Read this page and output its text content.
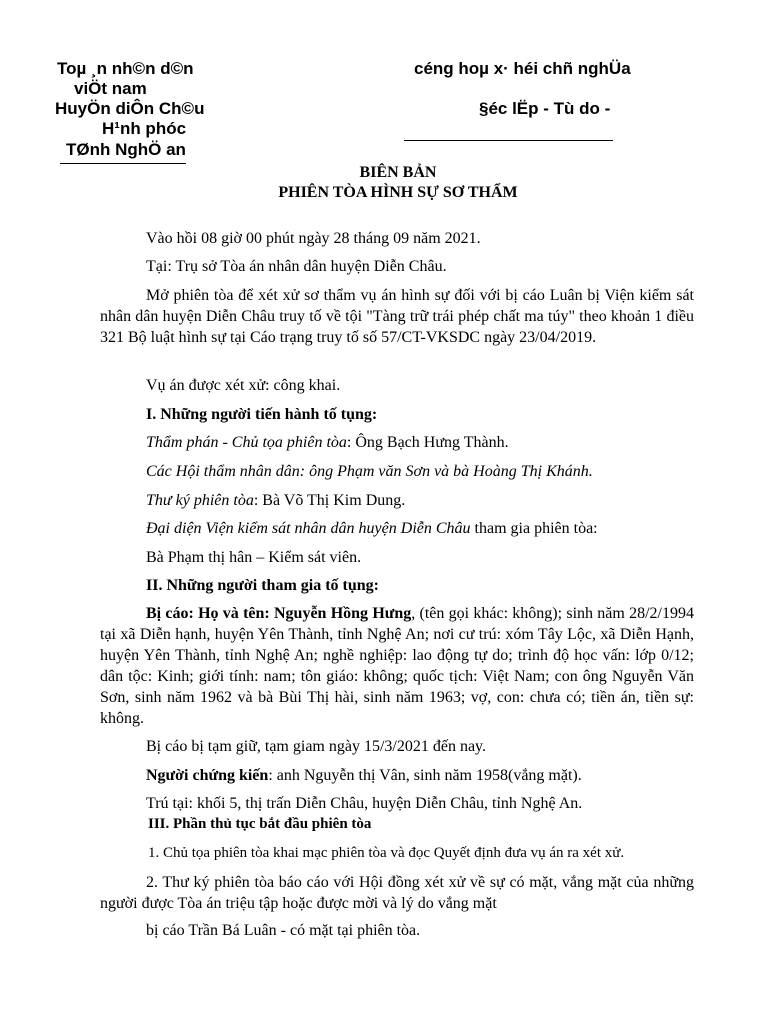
Toµ ¸n nh©n d©n	céng hoµ x· héi chñ nghÜa
viÖt nam
HuyÖn diÔn Ch©u	§éc lËp - Tù do -
H¹nh phóc
TØnh NghÖ an
BIÊN BẢN
PHIÊN TÒA HÌNH SỰ SƠ THẨM

Vào hồi 08 giờ 00 phút ngày 28 tháng 09 năm 2021.

Tại: Trụ sở Tòa án nhân dân huyện Diễn Châu.

Mở phiên tòa để xét xử sơ thẩm vụ án hình sự đối với bị cáo Luân bị Viện kiểm sát nhân dân huyện Diễn Châu truy tố về tội "Tàng trữ trái phép chất ma túy" theo khoản 1 điều 321 Bộ luật hình sự tại Cáo trạng truy tố số 57/CT-VKSDC ngày 23/04/2019.

Vụ án được xét xử: công khai.

I. Những người tiến hành tố tụng:

Thẩm phán - Chủ tọa phiên tòa: Ông Bạch Hưng Thành.

Các Hội thẩm nhân dân: ông Phạm văn Sơn và bà Hoàng Thị Khánh.

Thư ký phiên tòa: Bà Võ Thị Kim Dung.

Đại diện Viện kiểm sát nhân dân huyện Diễn Châu tham gia phiên tòa:

Bà Phạm thị hân – Kiểm sát viên.

II. Những người tham gia tố tụng:

Bị cáo: Họ và tên: Nguyễn Hồng Hưng, (tên gọi khác: không); sinh năm 28/2/1994 tại xã Diễn hạnh, huyện Yên Thành, tỉnh Nghệ An; nơi cư trú: xóm Tây Lộc, xã Diễn Hạnh, huyện Yên Thành, tỉnh Nghệ An; nghề nghiệp: lao động tự do; trình độ học vấn: lớp 0/12; dân tộc: Kinh; giới tính: nam; tôn giáo: không; quốc tịch: Việt Nam; con ông Nguyễn Văn Sơn, sinh năm 1962 và bà Bùi Thị hài, sinh năm 1963; vợ, con: chưa có; tiền án, tiền sự: không.

Bị cáo bị tạm giữ, tạm giam ngày 15/3/2021 đến nay.

Người chứng kiến: anh Nguyễn thị Vân, sinh năm 1958(vắng mặt).

Trú tại: khối 5, thị trấn Diễn Châu, huyện Diễn Châu, tỉnh Nghệ An.

III. Phần thủ tục bắt đầu phiên tòa

1. Chủ tọa phiên tòa khai mạc phiên tòa và đọc Quyết định đưa vụ án ra xét xử.

2. Thư ký phiên tòa báo cáo với Hội đồng xét xử về sự có mặt, vắng mặt của những người được Tòa án triệu tập hoặc được mời và lý do vắng mặt

bị cáo Trần Bá Luân - có mặt tại phiên tòa.
